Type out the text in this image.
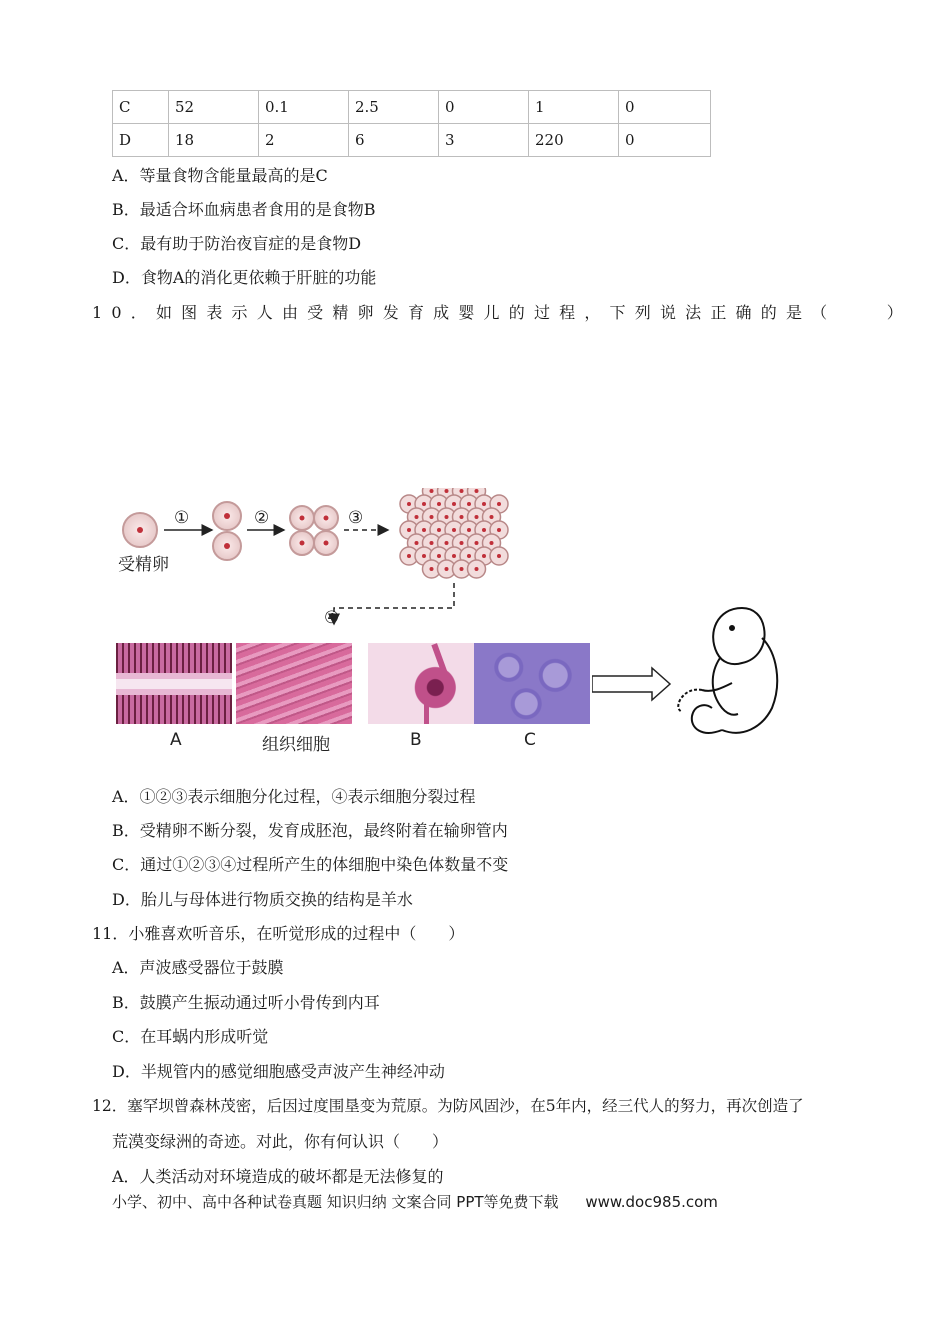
C	52	0.1	2.5	0	1	0
D	18	2	6	3	220	0
A．等量食物含能量最高的是C
B．最适合坏血病患者食用的是食物B
C．最有助于防治夜盲症的是食物D
D．食物A的消化更依赖于肝脏的功能
10．如图表示人由受精卵发育成婴儿的过程，下列说法正确的是（　　）
①	②	③
④
受精卵
A	组织细胞	B	C
A．①②③表示细胞分化过程，④表示细胞分裂过程
B．受精卵不断分裂，发育成胚泡，最终附着在输卵管内
C．通过①②③④过程所产生的体细胞中染色体数量不变
D．胎儿与母体进行物质交换的结构是羊水
11．小雅喜欢听音乐，在听觉形成的过程中（　　）
A．声波感受器位于鼓膜
B．鼓膜产生振动通过听小骨传到内耳
C．在耳蜗内形成听觉
D．半规管内的感觉细胞感受声波产生神经冲动
12．塞罕坝曾森林茂密，后因过度围垦变为荒原。为防风固沙，在5年内，经三代人的努力，再次创造了
荒漠变绿洲的奇迹。对此，你有何认识（　　）
A．人类活动对环境造成的破坏都是无法修复的
小学、初中、高中各种试卷真题 知识归纳 文案合同 PPT等免费下载 www.doc985.com
